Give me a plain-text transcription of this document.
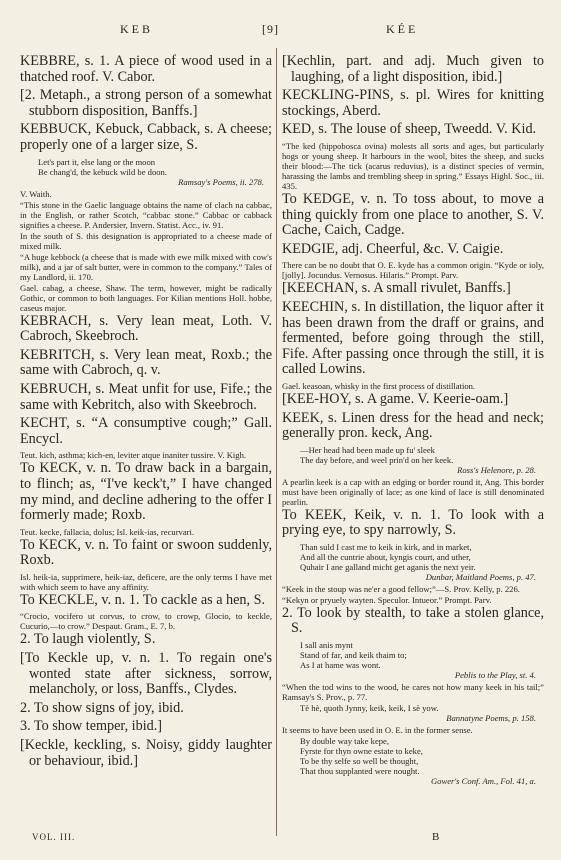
KEB	[9]	KÉE

KEBBRE, s. 1. A piece of wood used in a thatched roof. V. Cabor.

[2. Metaph., a strong person of a somewhat stubborn disposition, Banffs.]

KEBBUCK, Kebuck, Cabback, s. A cheese; properly one of a larger size, S.

Let's part it, else lang or the moon

Be chang'd, the kebuck wild be doon.

Ramsay's Poems, ii. 278.

V. Waith.

“This stone in the Gaelic language obtains the name of clach na cabbac, in the English, or rather Scotch, “cabbac stone.” Cabbac or cabback signifies a cheese. P. Andersier, Invern. Statist. Acc., iv. 91.

In the south of S. this designation is appropriated to a cheese made of mixed milk.

“A huge kebbock (a cheese that is made with ewe milk mixed with cow's milk), and a jar of salt butter, were in common to the company.” Tales of my Landlord, ii. 170.

Gael. cabag, a cheese, Shaw. The term, however, might be radically Gothic, or common to both languages. For Kilian mentions Holl. hobbe, caseus major.

KEBRACH, s. Very lean meat, Loth. V. Cabroch, Skeebroch.

KEBRITCH, s. Very lean meat, Roxb.; the same with Cabroch, q. v.

KEBRUCH, s. Meat unfit for use, Fife.; the same with Kebritch, also with Skeebroch.

KECHT, s. “A consumptive cough;” Gall. Encycl.

Teut. kich, asthma; kich-en, leviter atque inaniter tussire. V. Kigh.

To KECK, v. n. To draw back in a bargain, to flinch; as, “I've keck't,” I have changed my mind, and decline adhering to the offer I formerly made; Roxb.

Teut. kecke, fallacia, dolus; Isl. keik-ias, recurvari.

To KECK, v. n. To faint or swoon suddenly, Roxb.

Isl. heik-ia, supprimere, heik-iaz, deficere, are the only terms I have met with which seem to have any affinity.

To KECKLE, v. n. 1. To cackle as a hen, S.

“Crocio, vocifero ut corvus, to crow, to crowp, Glocio, to keckle, Cucurio,—to crow.” Despaut. Gram., E. 7, b.

2. To laugh violently, S.

[To Keckle up, v. n. 1. To regain one's wonted state after sickness, sorrow, melancholy, or loss, Banffs., Clydes.

2. To show signs of joy, ibid.

3. To show temper, ibid.]

[Keckle, keckling, s. Noisy, giddy laughter or behaviour, ibid.]

[Kechlin, part. and adj. Much given to laughing, of a light disposition, ibid.]

KECKLING-PINS, s. pl. Wires for knitting stockings, Aberd.

KED, s. The louse of sheep, Tweedd. V. Kid.

“The ked (hippobosca ovina) molests all sorts and ages, but particularly hogs or young sheep. It harbours in the wool, bites the sheep, and sucks their blood:—The tick (acarus reduvius), is a distinct species of vermin, harassing the lambs and trembling sheep in spring.” Essays Highl. Soc., iii. 435.

To KEDGE, v. n. To toss about, to move a thing quickly from one place to another, S. V. Cache, Caich, Cadge.

KEDGIE, adj. Cheerful, &c. V. Caigie.

There can be no doubt that O. E. kyde has a common origin. “Kyde or ioly, [jolly]. Jocundus. Vernosus. Hilaris.” Prompt. Parv.

[KEECHAN, s. A small rivulet, Banffs.]

KEECHIN, s. In distillation, the liquor after it has been drawn from the draff or grains, and fermented, before going through the still, Fife. After passing once through the still, it is called Lowins.

Gael. keasoan, whisky in the first process of distillation.

[KEE-HOY, s. A game. V. Keerie-oam.]

KEEK, s. Linen dress for the head and neck; generally pron. keck, Ang.

—Her head had been made up fu' sleek

The day before, and weel prin'd on her keek.

Ross's Helenore, p. 28.

A pearlin keek is a cap with an edging or border round it, Ang. This border must have been originally of lace; as one kind of lace is still denominated pearlin.

To KEEK, Keik, v. n. 1. To look with a prying eye, to spy narrowly, S.

Than suld I cast me to keik in kirk, and in market,

And all the cuntrie about, kyngis court, and uther,

Quhair I ane galland micht get aganis the next yeir.

Dunbar, Maitland Poems, p. 47.

“Keek in the stoup was ne'er a good fellow;”—S. Prov. Kelly, p. 226.

“Kekyn or pryuely wayten. Speculor. Intueor.” Prompt. Parv.

2. To look by stealth, to take a stolen glance, S.

I sall anis mynt

Stand of far, and keik thaim to;

As I at hame was wont.

Peblis to the Play, st. 4.

“When the tod wins to the wood, he cares not how many keek in his tail;” Ramsay's S. Prov., p. 77.

Tè hè, quoth Jynny, keik, keik, I sè yow.

Bannatyne Poems, p. 158.

It seems to have been used in O. E. in the former sense.

By double way take kepe,

Fyrste for thyn owne estate to keke,

To be thy selfe so well be thought,

That thou supplanted were nought.

Gower's Conf. Am., Fol. 41, a.

VOL. III.	B
